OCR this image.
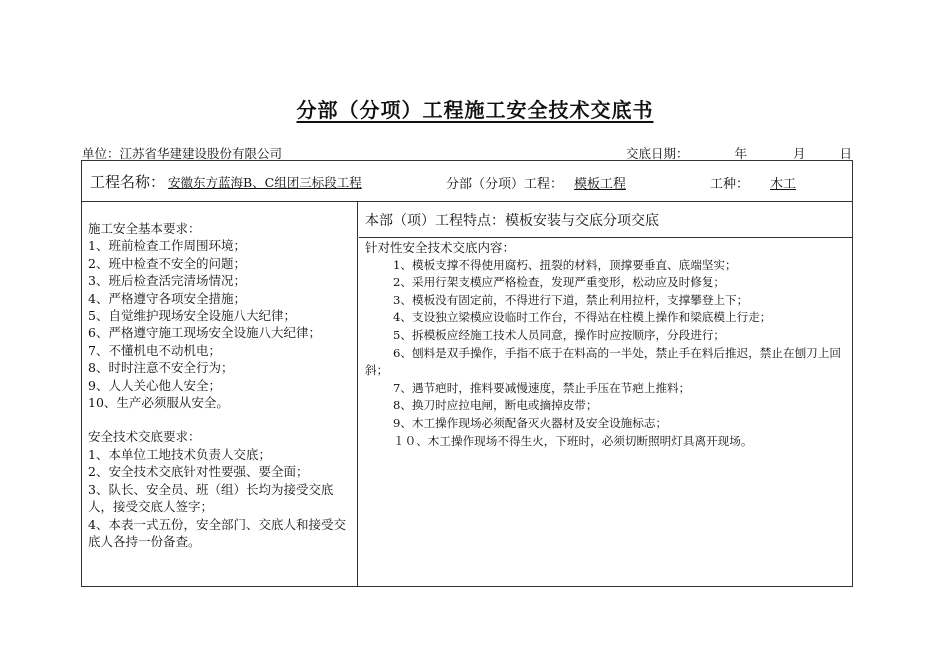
分部（分项）工程施工安全技术交底书
单位：江苏省华建建设股份有限公司	交底日期：	年	月	日
工程名称： 安徽东方蓝海B、C组团三标段工程	分部（分项）工程： 模板工程	工种：	木工
施工安全基本要求：
1、班前检查工作周围环境；
2、班中检查不安全的问题；
3、班后检查活完清场情况；
4、严格遵守各项安全措施；
5、自觉维护现场安全设施八大纪律；
6、严格遵守施工现场安全设施八大纪律；
7、不懂机电不动机电；
8、时时注意不安全行为；
9、人人关心他人安全；
10、生产必须服从安全。
安全技术交底要求：
1、本单位工地技术负责人交底；
2、安全技术交底针对性要强、要全面；
3、队长、安全员、班（组）长均为接受交底人，接受交底人签字；
4、本表一式五份，安全部门、交底人和接受交底人各持一份备查。
本部（项）工程特点：模板安装与交底分项交底
针对性安全技术交底内容：
1、模板支撑不得使用腐朽、扭裂的材料，顶撑要垂直、底端坚实；
2、采用行架支模应严格检查，发现严重变形，松动应及时修复；
3、模板没有固定前，不得进行下道，禁止利用拉杆，支撑攀登上下；
4、支设独立梁模应设临时工作台，不得站在柱模上操作和梁底模上行走；
5、拆模板应经施工技术人员同意，操作时应按顺序，分段进行；
6、刨料是双手操作，手指不底于在料高的一半处，禁止手在料后推迟，禁止在刨刀上回斜；
7、遇节疤时，推料要减慢速度，禁止手压在节疤上推料；
8、换刀时应拉电闸，断电或摘掉皮带；
9、木工操作现场必须配备灭火器材及安全设施标志；
１０、木工操作现场不得生火，下班时，必须切断照明灯具离开现场。
